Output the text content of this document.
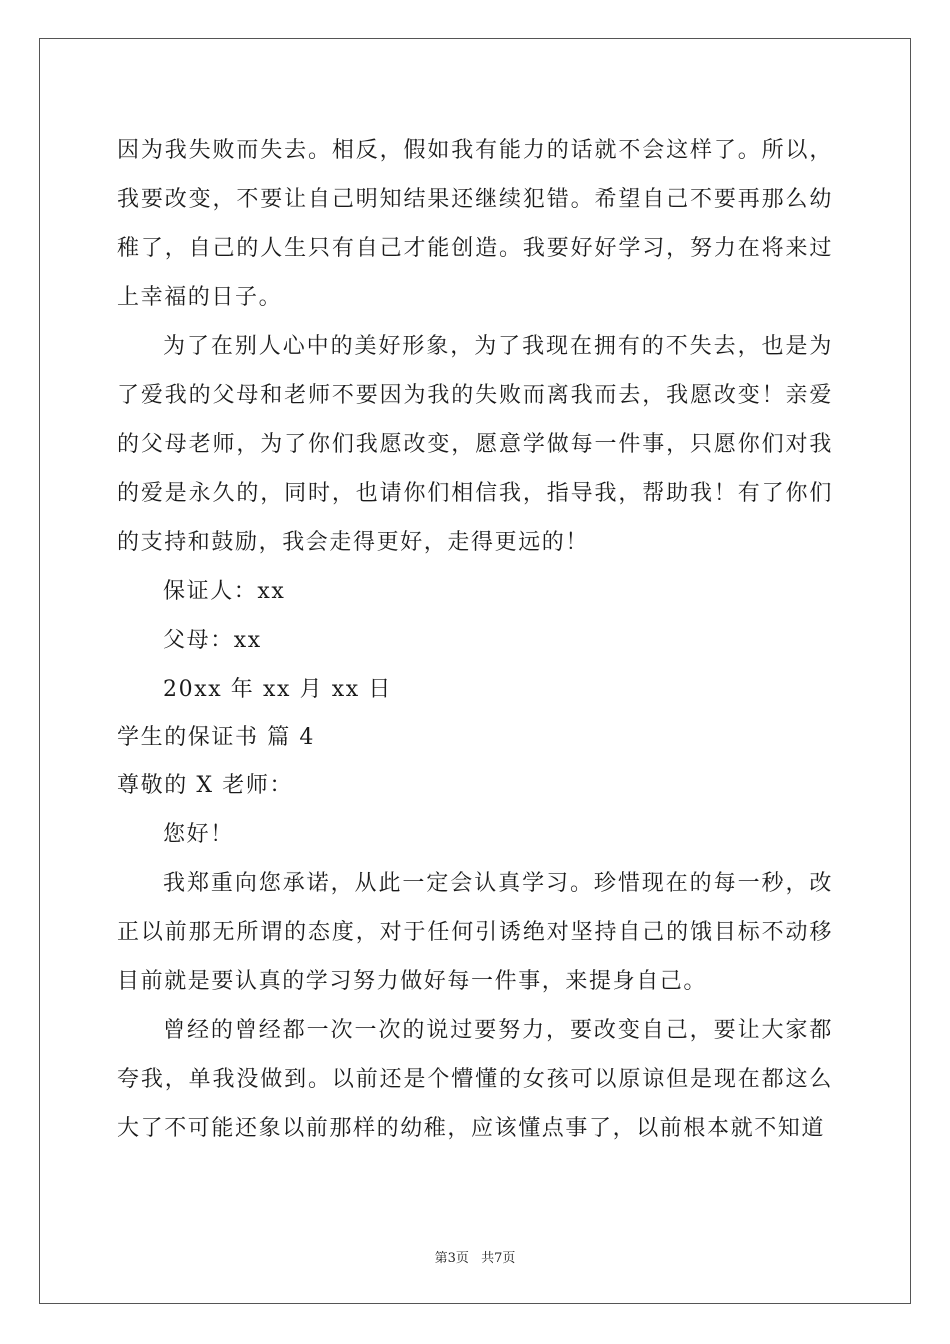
因为我失败而失去。相反，假如我有能力的话就不会这样了。所以，我要改变，不要让自己明知结果还继续犯错。希望自己不要再那么幼稚了，自己的人生只有自己才能创造。我要好好学习，努力在将来过上幸福的日子。

为了在别人心中的美好形象，为了我现在拥有的不失去，也是为了爱我的父母和老师不要因为我的失败而离我而去，我愿改变！亲爱的父母老师，为了你们我愿改变，愿意学做每一件事，只愿你们对我的爱是永久的，同时，也请你们相信我，指导我，帮助我！有了你们的支持和鼓励，我会走得更好，走得更远的！

保证人：xx

父母：xx

20xx 年 xx 月 xx 日

学生的保证书 篇 4

尊敬的 X 老师：

您好！

我郑重向您承诺，从此一定会认真学习。珍惜现在的每一秒，改正以前那无所谓的态度，对于任何引诱绝对坚持自己的饿目标不动移目前就是要认真的学习努力做好每一件事，来提身自己。

曾经的曾经都一次一次的说过要努力，要改变自己，要让大家都夸我，单我没做到。以前还是个懵懂的女孩可以原谅但是现在都这么大了不可能还象以前那样的幼稚，应该懂点事了，以前根本就不知道

第3页 共7页
